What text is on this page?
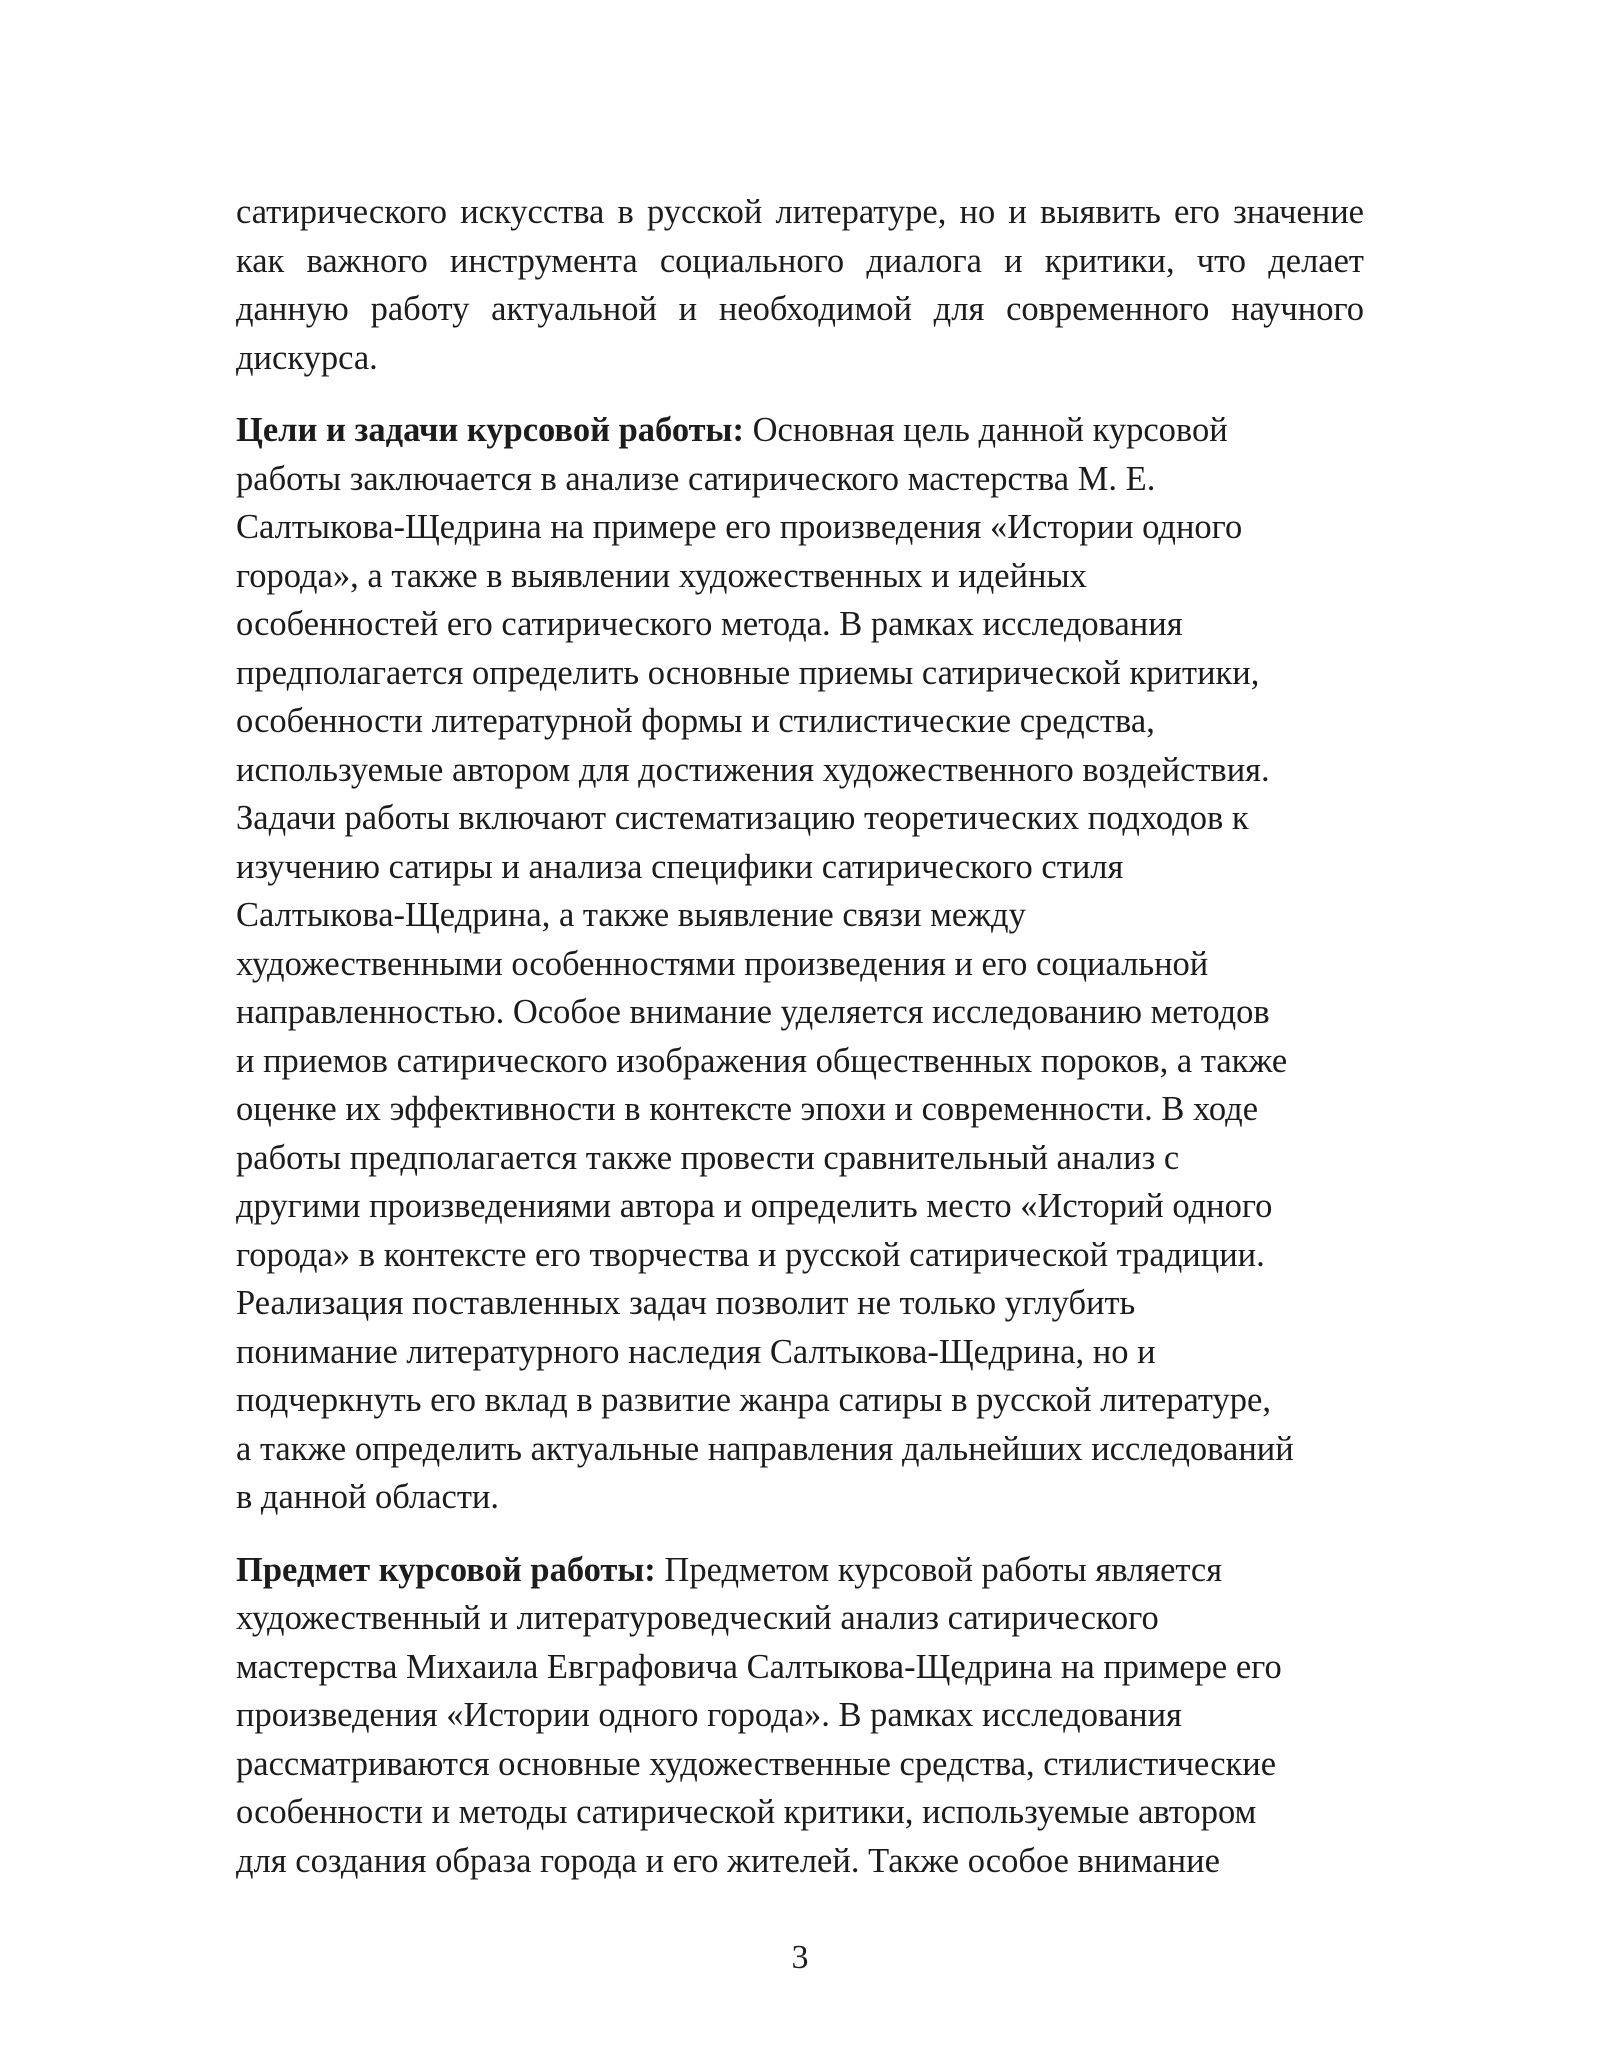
сатирического искусства в русской литературе, но и выявить его значение как важного инструмента социального диалога и критики, что делает данную работу актуальной и необходимой для современного научного дискурса.

Цели и задачи курсовой работы: Основная цель данной курсовой
работы заключается в анализе сатирического мастерства М. Е.
Салтыкова-Щедрина на примере его произведения «Истории одного
города», а также в выявлении художественных и идейных
особенностей его сатирического метода. В рамках исследования
предполагается определить основные приемы сатирической критики,
особенности литературной формы и стилистические средства,
используемые автором для достижения художественного воздействия.
Задачи работы включают систематизацию теоретических подходов к
изучению сатиры и анализа специфики сатирического стиля
Салтыкова-Щедрина, а также выявление связи между
художественными особенностями произведения и его социальной
направленностью. Особое внимание уделяется исследованию методов
и приемов сатирического изображения общественных пороков, а также
оценке их эффективности в контексте эпохи и современности. В ходе
работы предполагается также провести сравнительный анализ с
другими произведениями автора и определить место «Историй одного
города» в контексте его творчества и русской сатирической традиции.
Реализация поставленных задач позволит не только углубить
понимание литературного наследия Салтыкова-Щедрина, но и
подчеркнуть его вклад в развитие жанра сатиры в русской литературе,
а также определить актуальные направления дальнейших исследований
в данной области.

Предмет курсовой работы: Предметом курсовой работы является
художественный и литературоведческий анализ сатирического
мастерства Михаила Евграфовича Салтыкова-Щедрина на примере его
произведения «Истории одного города». В рамках исследования
рассматриваются основные художественные средства, стилистические
особенности и методы сатирической критики, используемые автором
для создания образа города и его жителей. Также особое внимание

3
